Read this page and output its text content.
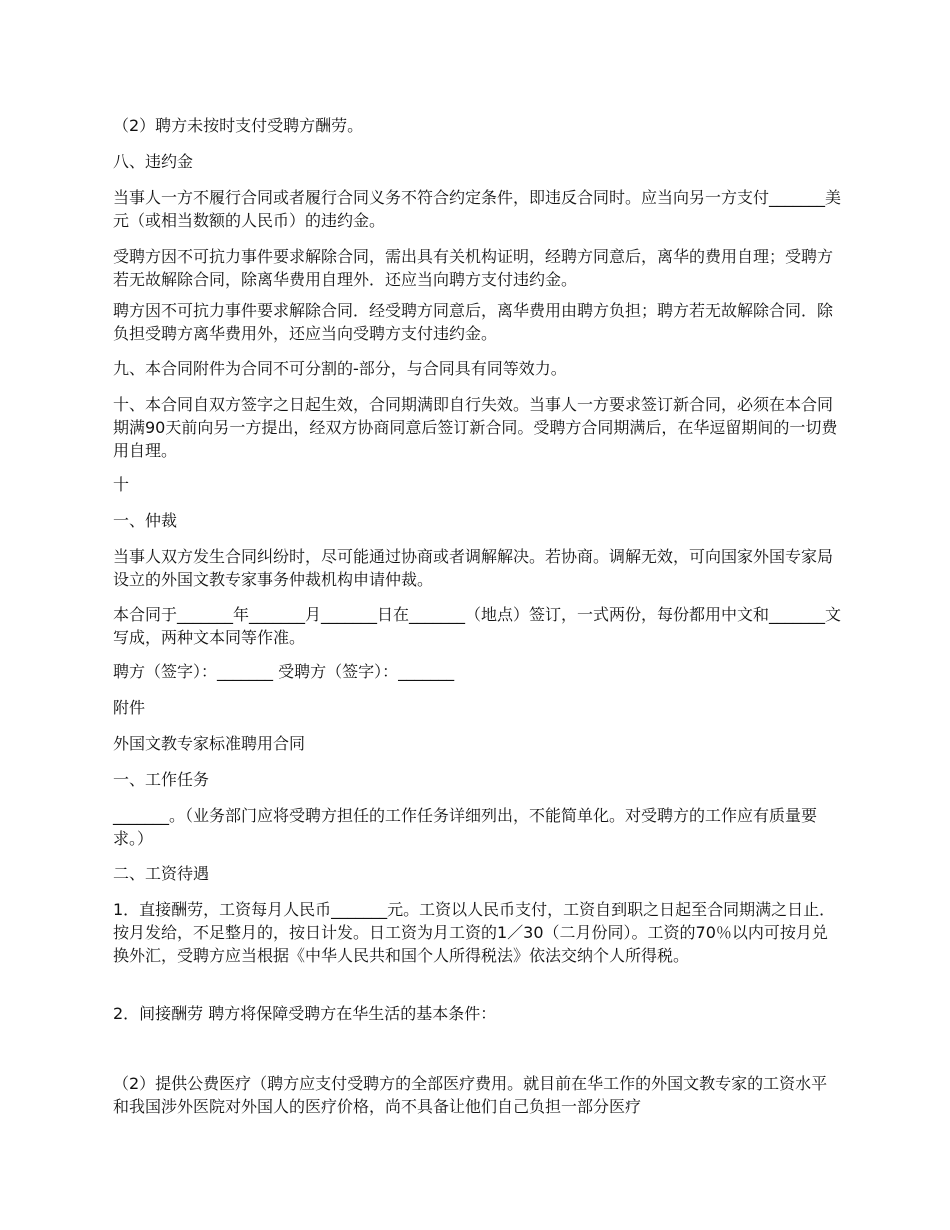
（2）聘方未按时支付受聘方酬劳。

八、违约金

当事人一方不履行合同或者履行合同义务不符合约定条件，即违反合同时。应当向另一方支付_______美元（或相当数额的人民币）的违约金。

受聘方因不可抗力事件要求解除合同，需出具有关机构证明，经聘方同意后，离华的费用自理；受聘方若无故解除合同，除离华费用自理外．还应当向聘方支付违约金。

聘方因不可抗力事件要求解除合同．经受聘方同意后，离华费用由聘方负担；聘方若无故解除合同．除负担受聘方离华费用外，还应当向受聘方支付违约金。

九、本合同附件为合同不可分割的-部分，与合同具有同等效力。

十、本合同自双方签字之日起生效，合同期满即自行失效。当事人一方要求签订新合同，必须在本合同期满90天前向另一方提出，经双方协商同意后签订新合同。受聘方合同期满后，在华逗留期间的一切费用自理。

十

一、仲裁

当事人双方发生合同纠纷时，尽可能通过协商或者调解解决。若协商。调解无效，可向国家外国专家局设立的外国文教专家事务仲裁机构申请仲裁。

本合同于_______年_______月_______日在_______（地点）签订，一式两份，每份都用中文和_______文写成，两种文本同等作准。

聘方（签字）：_______ 受聘方（签字）：_______

附件

外国文教专家标准聘用合同

一、工作任务

_______。（业务部门应将受聘方担任的工作任务详细列出，不能简单化。对受聘方的工作应有质量要求。）

二、工资待遇

1．直接酬劳，工资每月人民币_______元。工资以人民币支付，工资自到职之日起至合同期满之日止．按月发给，不足整月的，按日计发。日工资为月工资的1／30（二月份同）。工资的70％以内可按月兑换外汇，受聘方应当根据《中华人民共和国个人所得税法》依法交纳个人所得税。

2．间接酬劳 聘方将保障受聘方在华生活的基本条件：

（2）提供公费医疗（聘方应支付受聘方的全部医疗费用。就目前在华工作的外国文教专家的工资水平和我国涉外医院对外国人的医疗价格，尚不具备让他们自己负担一部分医疗
